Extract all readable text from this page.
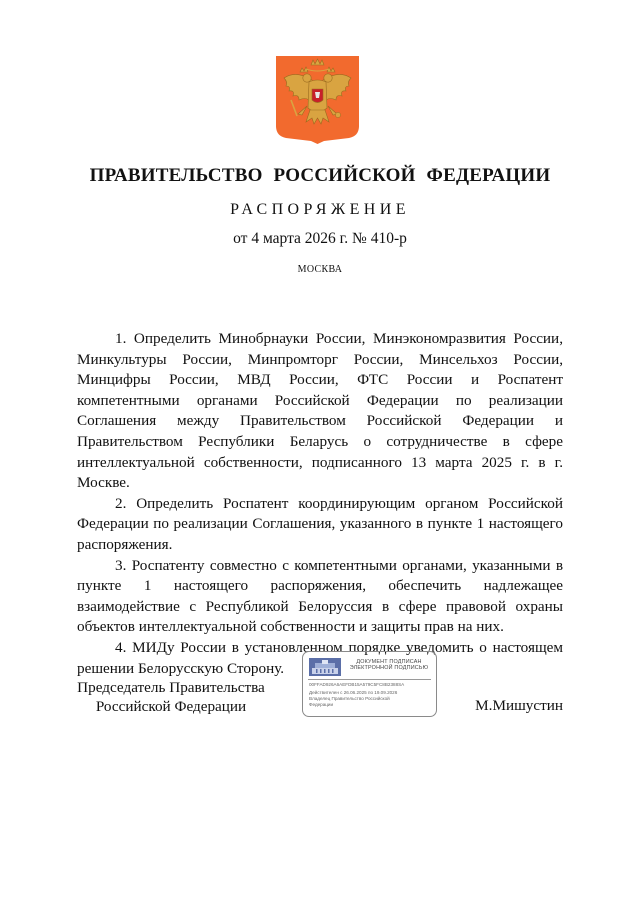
ПРАВИТЕЛЬСТВО РОССИЙСКОЙ ФЕДЕРАЦИИ
РАСПОРЯЖЕНИЕ
от 4 марта 2026 г. № 410-р
МОСКВА

1. Определить Минобрнауки России, Минэкономразвития России, Минкультуры России, Минпромторг России, Минсельхоз России, Минцифры России, МВД России, ФТС России и Роспатент компетентными органами Российской Федерации по реализации Соглашения между Правительством Российской Федерации и Правительством Республики Беларусь о сотрудничестве в сфере интеллектуальной собственности, подписанного 13 марта 2025 г. в г. Москве.

2. Определить Роспатент координирующим органом Российской Федерации по реализации Соглашения, указанного в пункте 1 настоящего распоряжения.

3. Роспатенту совместно с компетентными органами, указанными в пункте 1 настоящего распоряжения, обеспечить надлежащее взаимодействие с Республикой Белоруссия в сфере правовой охраны объектов интеллектуальной собственности и защиты прав на них.

4. МИДу России в установленном порядке уведомить о настоящем решении Белорусскую Сторону.

Председатель Правительства
Российской Федерации
ДОКУМЕНТ ПОДПИСАН
ЭЛЕКТРОННОЙ ПОДПИСЬЮ
00FFAD926A6AEFDB15A579C5FC8B2388SA
Действителен с 26.06.2025 по 19.09.2026
Владелец Правительство Российской
Федерации	М.Мишустин
